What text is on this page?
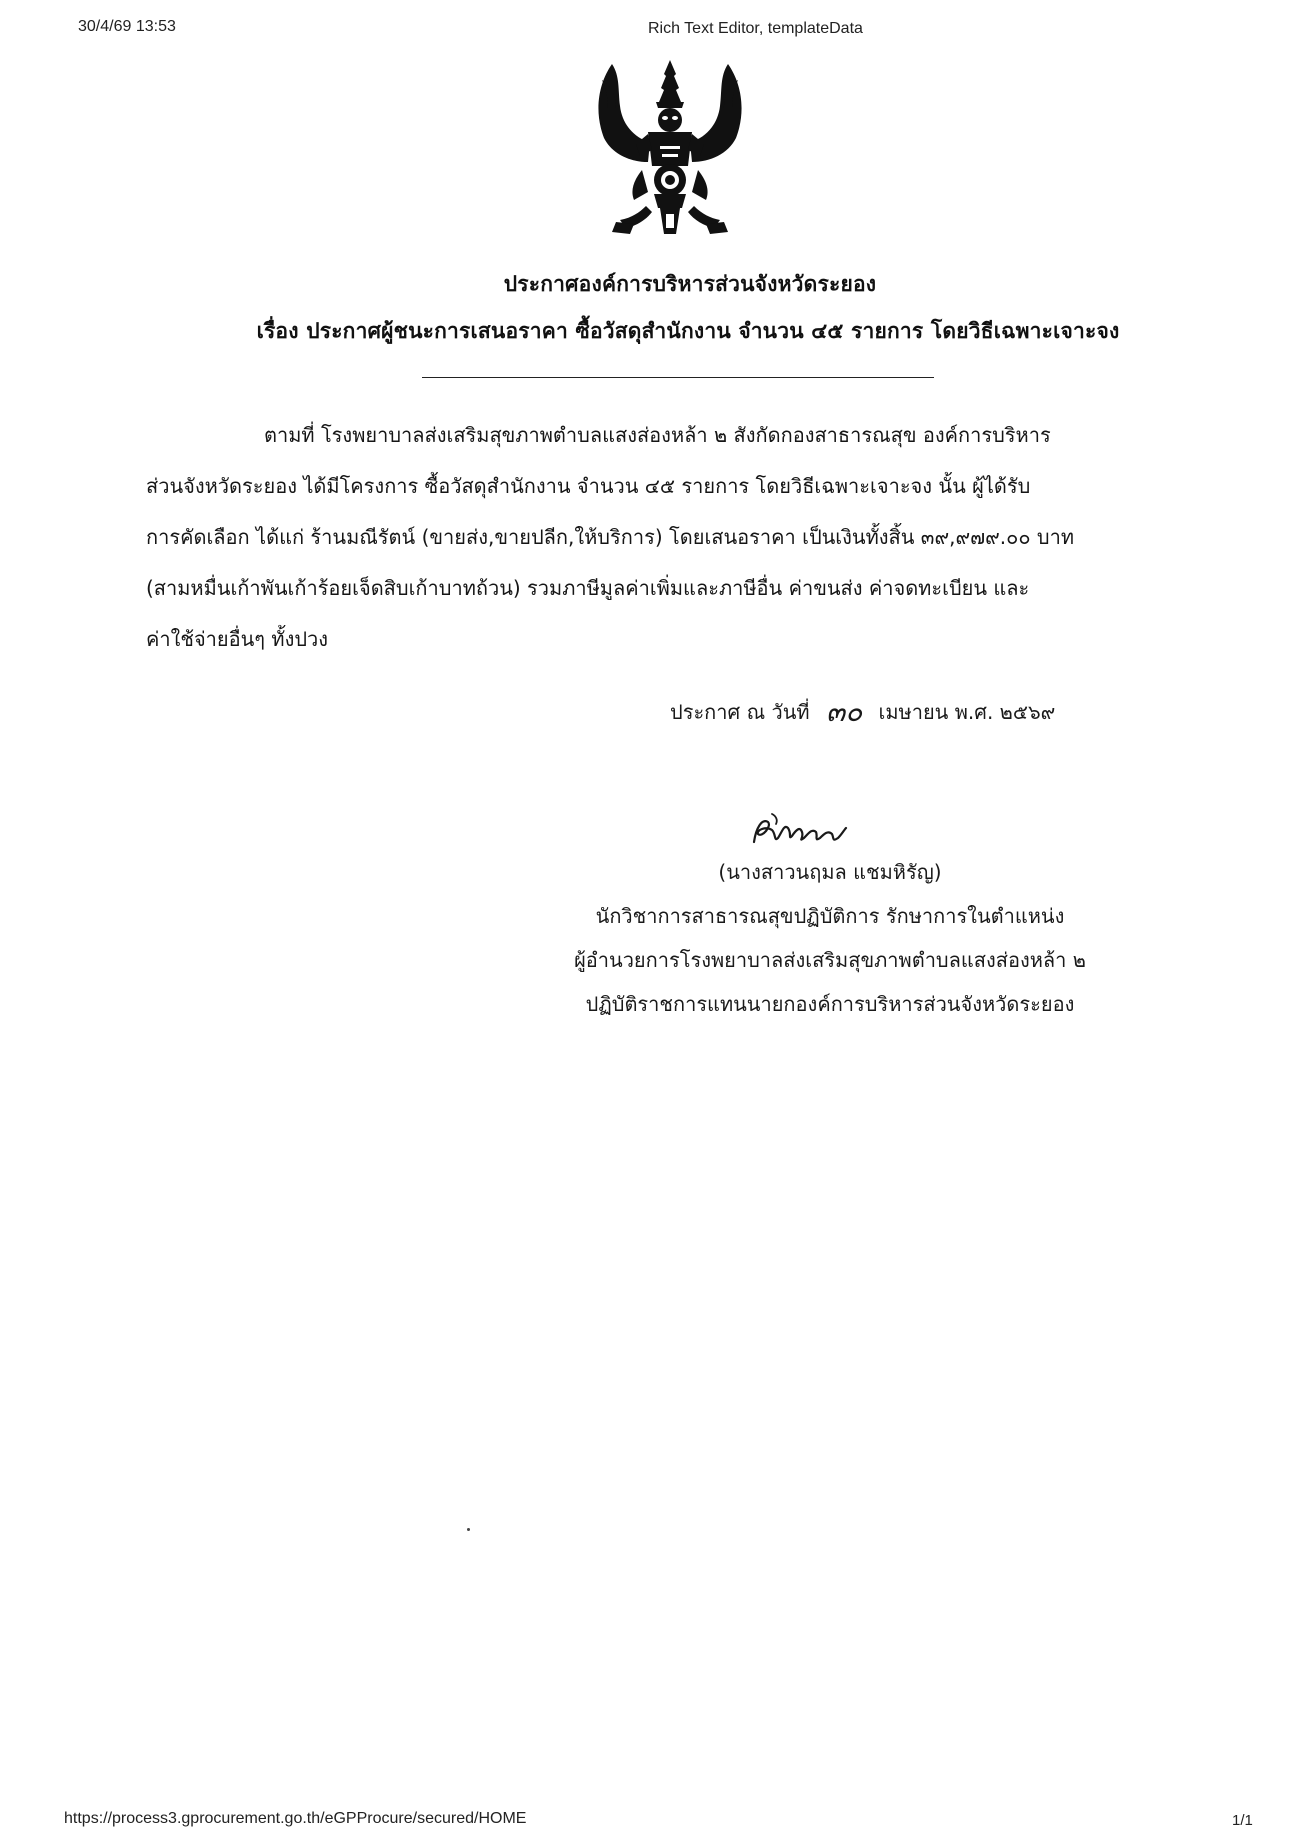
30/4/69 13:53	Rich Text Editor, templateData
ประกาศองค์การบริหารส่วนจังหวัดระยอง
เรื่อง ประกาศผู้ชนะการเสนอราคา ซื้อวัสดุสำนักงาน จำนวน ๔๕ รายการ โดยวิธีเฉพาะเจาะจง
ตามที่ โรงพยาบาลส่งเสริมสุขภาพตำบลแสงส่องหล้า ๒ สังกัดกองสาธารณสุข องค์การบริหาร
ส่วนจังหวัดระยอง ได้มีโครงการ ซื้อวัสดุสำนักงาน จำนวน ๔๕ รายการ โดยวิธีเฉพาะเจาะจง นั้น ผู้ได้รับ
การคัดเลือก ได้แก่ ร้านมณีรัตน์ (ขายส่ง,ขายปลีก,ให้บริการ) โดยเสนอราคา เป็นเงินทั้งสิ้น ๓๙,๙๗๙.๐๐ บาท
(สามหมื่นเก้าพันเก้าร้อยเจ็ดสิบเก้าบาทถ้วน) รวมภาษีมูลค่าเพิ่มและภาษีอื่น ค่าขนส่ง ค่าจดทะเบียน และ
ค่าใช้จ่ายอื่นๆ ทั้งปวง
ประกาศ ณ วันที่ ๓๐ เมษายน พ.ศ. ๒๕๖๙
(นางสาวนฤมล แชมหิรัญ)
นักวิชาการสาธารณสุขปฏิบัติการ รักษาการในตำแหน่ง
ผู้อำนวยการโรงพยาบาลส่งเสริมสุขภาพตำบลแสงส่องหล้า ๒
ปฏิบัติราชการแทนนายกองค์การบริหารส่วนจังหวัดระยอง
https://process3.gprocurement.go.th/eGPProcure/secured/HOME	1/1
